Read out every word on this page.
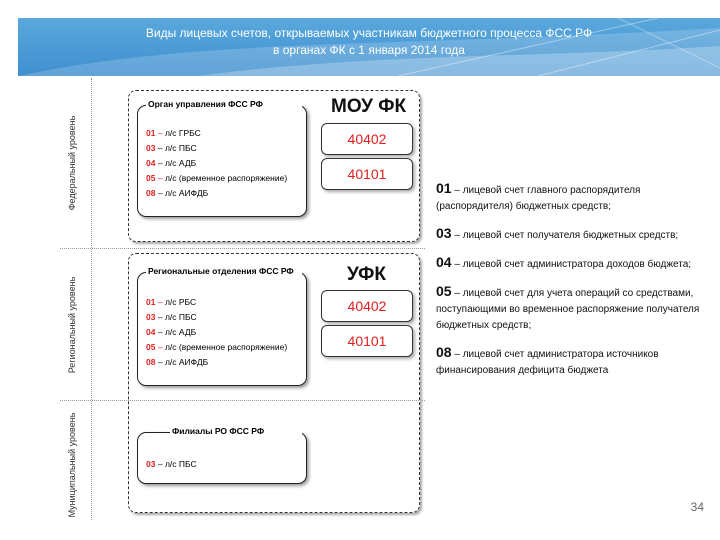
Виды лицевых счетов, открываемых участникам бюджетного процесса ФСС РФ
в органах ФК с 1 января 2014 года
Федеральный уровень
Региональный уровень
Муниципальный уровень
Орган управления ФСС РФ
01 – л/с ГРБС
03 – л/с ПБС
04 – л/с АДБ
05 – л/с (временное распоряжение)
08 – л/с АИФДБ
МОУ ФК
40402
40101
Региональные отделения ФСС РФ
01 – л/с РБС
03 – л/с ПБС
04 – л/с АДБ
05 – л/с (временное распоряжение)
08 – л/с АИФДБ
УФК
40402
40101
Филиалы РО ФСС РФ
03 – л/с ПБС
01 – лицевой счет главного распорядителя (распорядителя) бюджетных средств;
03 – лицевой счет получателя бюджетных средств;
04 – лицевой счет администратора доходов бюджета;
05 – лицевой счет для учета операций со средствами, поступающими во временное распоряжение получателя бюджетных средств;
08 – лицевой счет администратора источников финансирования дефицита бюджета
34
